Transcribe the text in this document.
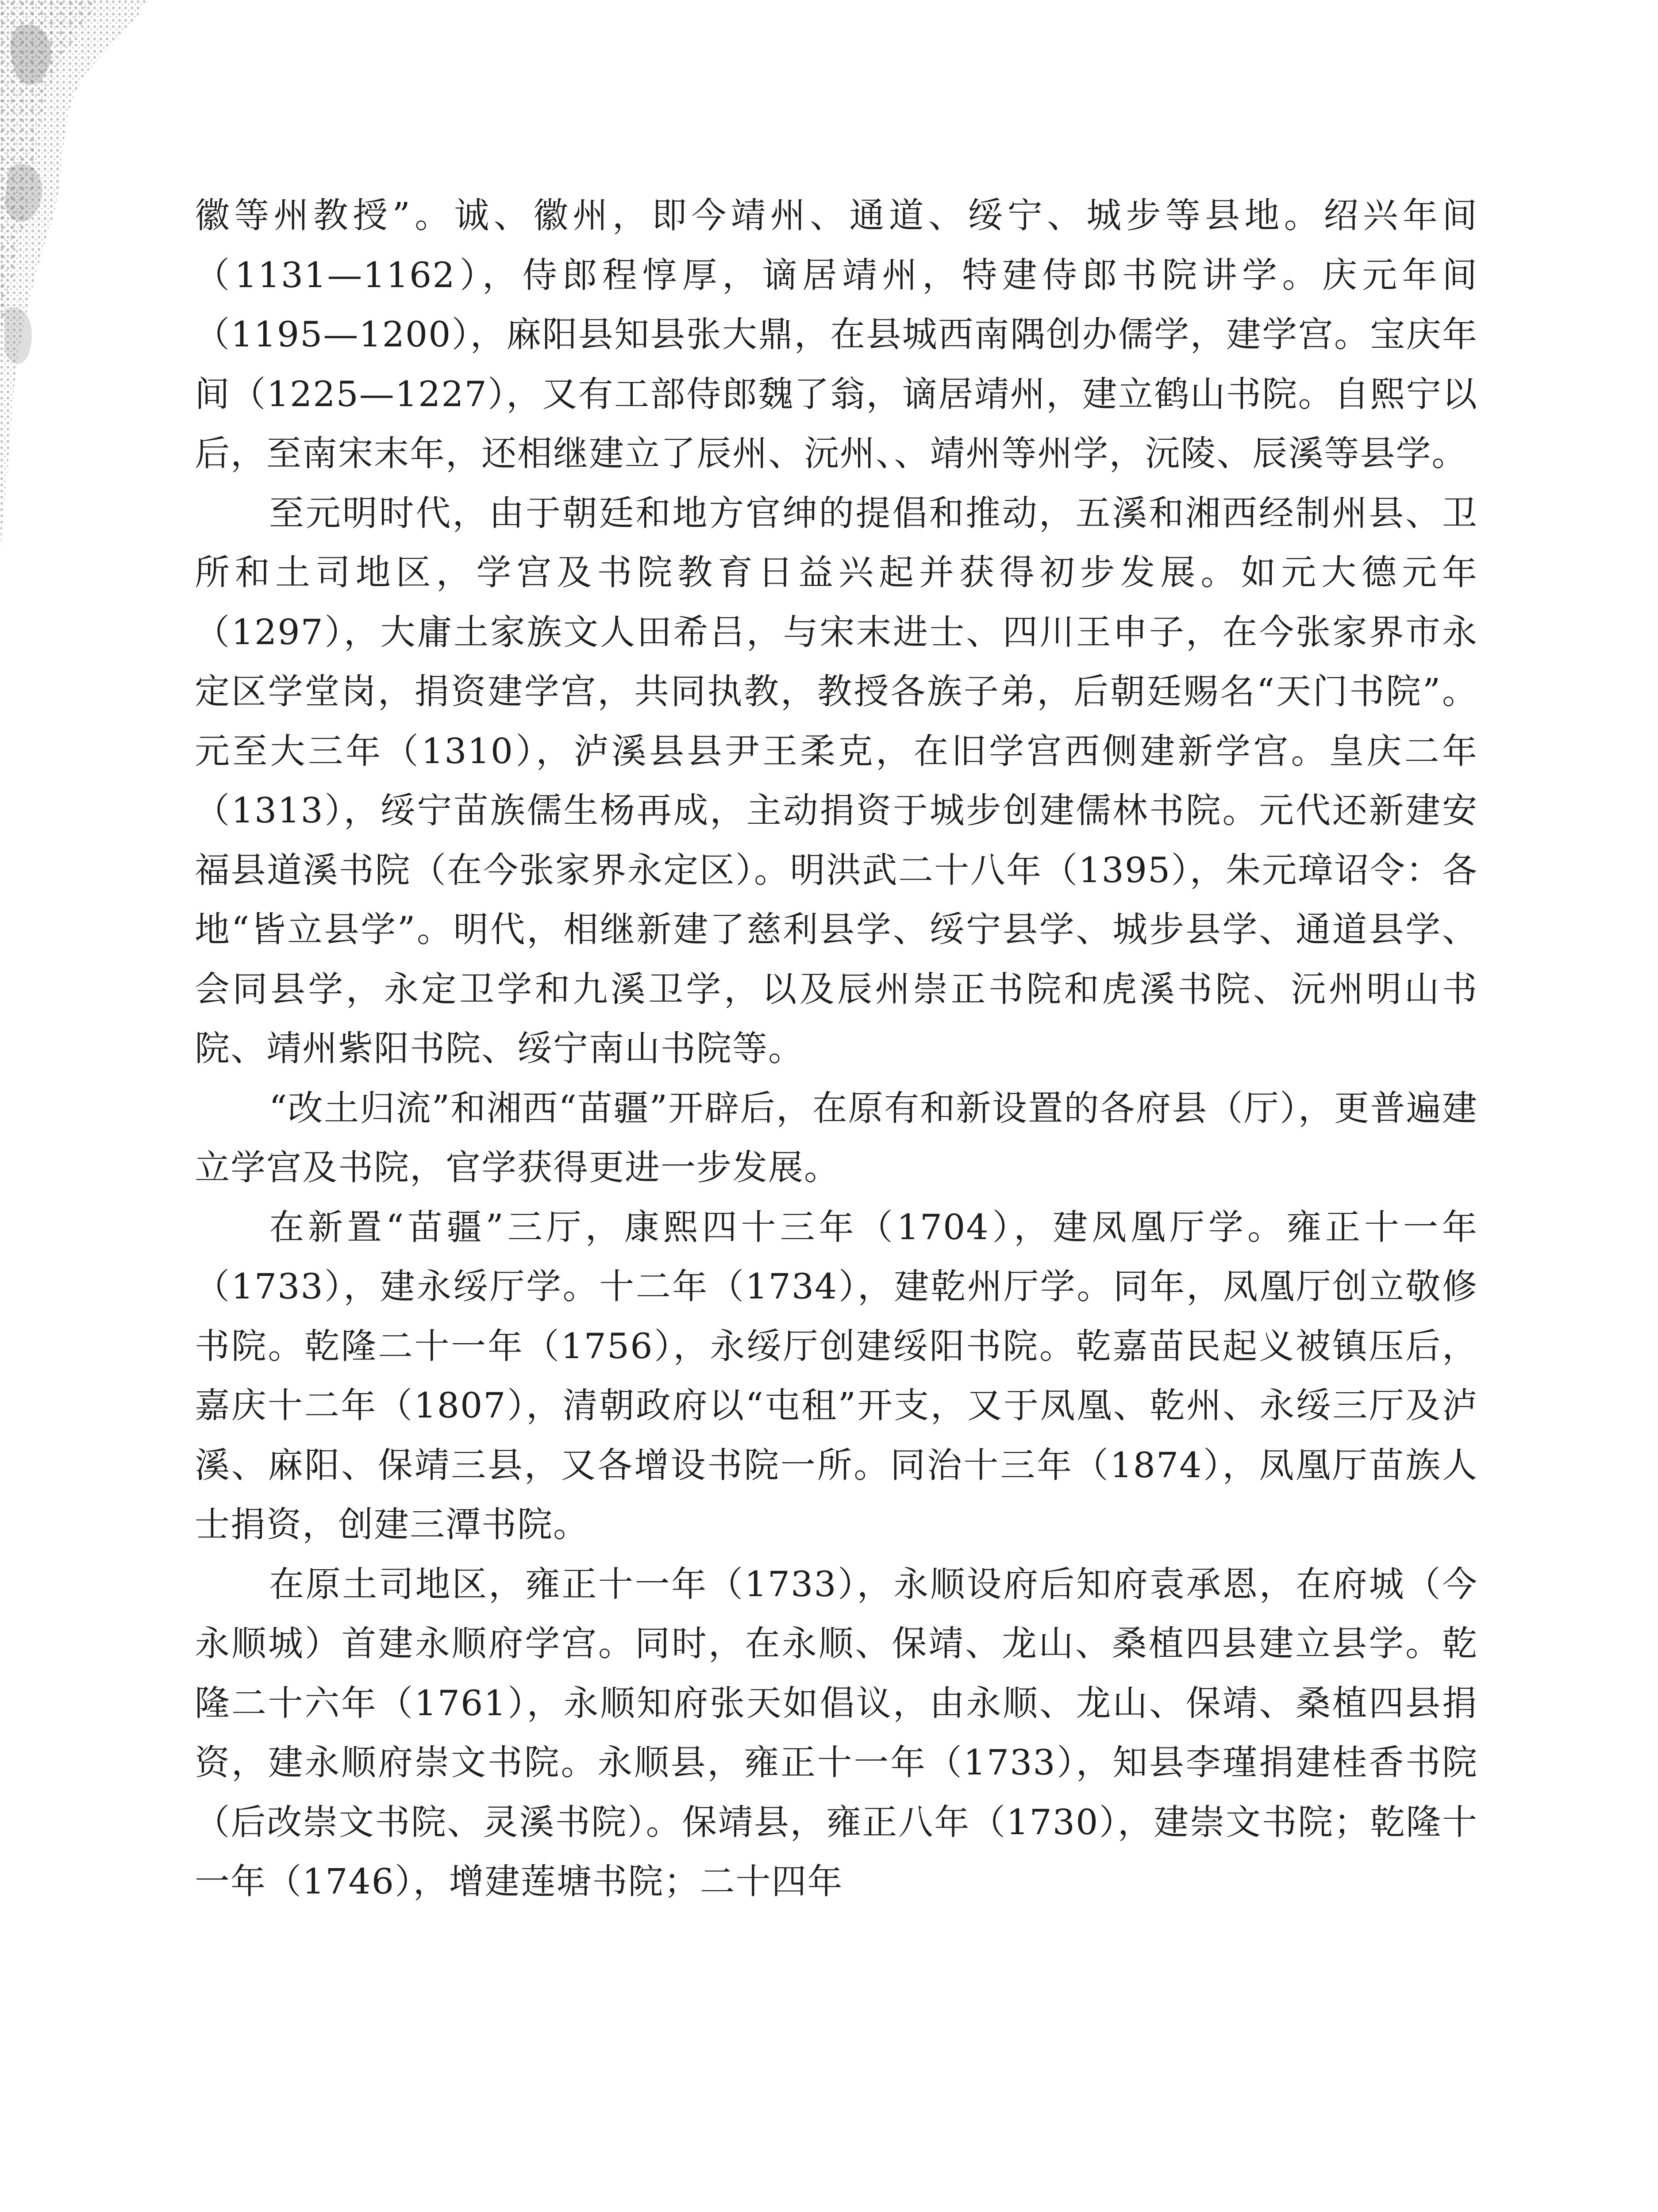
徽等州教授”。诚、徽州，即今靖州、通道、绥宁、城步等县地。绍兴年间（1131—1162），侍郎程惇厚，谪居靖州，特建侍郎书院讲学。庆元年间（1195—1200），麻阳县知县张大鼎，在县城西南隅创办儒学，建学宫。宝庆年间（1225—1227），又有工部侍郎魏了翁，谪居靖州，建立鹤山书院。自熙宁以后，至南宋末年，还相继建立了辰州、沅州、、靖州等州学，沅陵、辰溪等县学。

至元明时代，由于朝廷和地方官绅的提倡和推动，五溪和湘西经制州县、卫所和土司地区，学宫及书院教育日益兴起并获得初步发展。如元大德元年（1297），大庸土家族文人田希吕，与宋末进士、四川王申子，在今张家界市永定区学堂岗，捐资建学宫，共同执教，教授各族子弟，后朝廷赐名“天门书院”。元至大三年（1310），泸溪县县尹王柔克，在旧学宫西侧建新学宫。皇庆二年（1313），绥宁苗族儒生杨再成，主动捐资于城步创建儒林书院。元代还新建安福县道溪书院（在今张家界永定区）。明洪武二十八年（1395），朱元璋诏令：各地“皆立县学”。明代，相继新建了慈利县学、绥宁县学、城步县学、通道县学、会同县学，永定卫学和九溪卫学，以及辰州崇正书院和虎溪书院、沅州明山书院、靖州紫阳书院、绥宁南山书院等。

“改土归流”和湘西“苗疆”开辟后，在原有和新设置的各府县（厅），更普遍建立学宫及书院，官学获得更进一步发展。

在新置“苗疆”三厅，康熙四十三年（1704），建凤凰厅学。雍正十一年（1733），建永绥厅学。十二年（1734），建乾州厅学。同年，凤凰厅创立敬修书院。乾隆二十一年（1756），永绥厅创建绥阳书院。乾嘉苗民起义被镇压后，嘉庆十二年（1807），清朝政府以“屯租”开支，又于凤凰、乾州、永绥三厅及泸溪、麻阳、保靖三县，又各增设书院一所。同治十三年（1874），凤凰厅苗族人士捐资，创建三潭书院。

在原土司地区，雍正十一年（1733），永顺设府后知府袁承恩，在府城（今永顺城）首建永顺府学宫。同时，在永顺、保靖、龙山、桑植四县建立县学。乾隆二十六年（1761），永顺知府张天如倡议，由永顺、龙山、保靖、桑植四县捐资，建永顺府崇文书院。永顺县，雍正十一年（1733），知县李瑾捐建桂香书院（后改崇文书院、灵溪书院）。保靖县，雍正八年（1730），建崇文书院；乾隆十一年（1746），增建莲塘书院；二十四年
